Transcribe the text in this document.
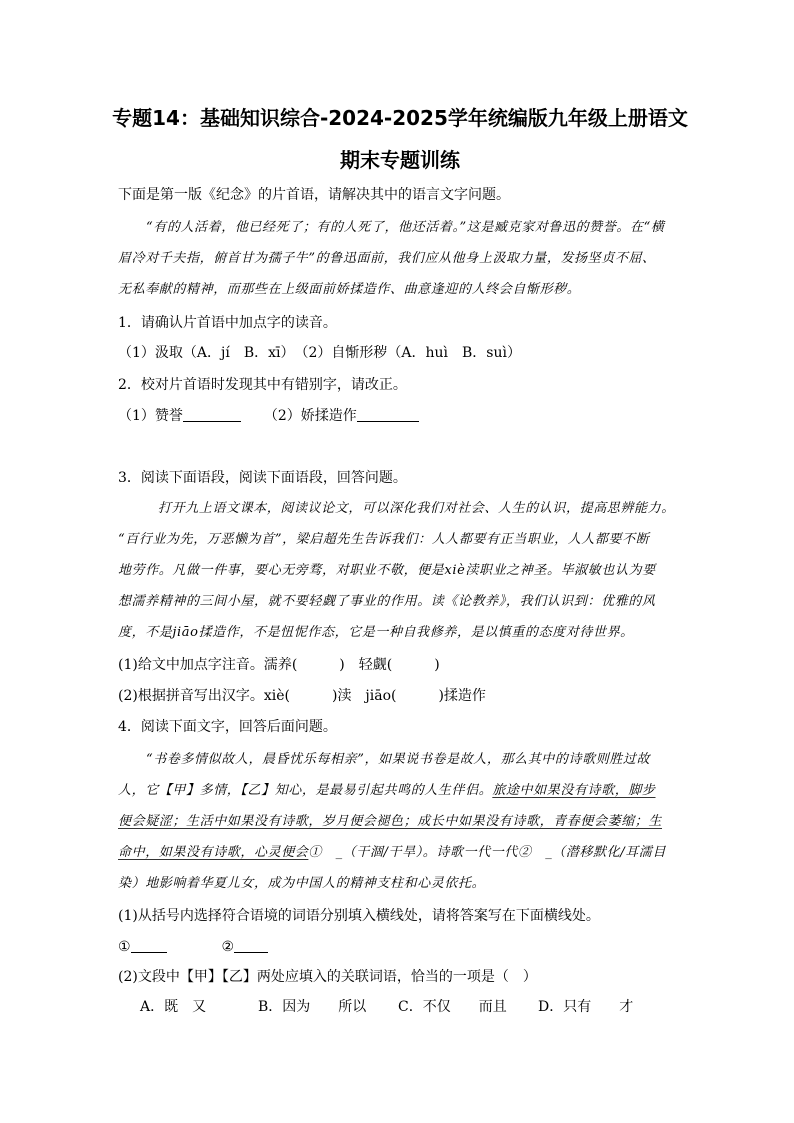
专题14：基础知识综合-2024-2025学年统编版九年级上册语文
期末专题训练
下面是第一版《纪念》的片首语，请解决其中的语言文字问题。
“有的人活着，他已经死了；有的人死了，他还活着。”这是臧克家对鲁迅的赞誉。在“横
眉冷对千夫指，俯首甘为孺子牛”的鲁迅面前，我们应从他身上汲取力量，发扬坚贞不屈、
无私奉献的精神，而那些在上级面前娇揉造作、曲意逢迎的人终会自惭形秽。
1．请确认片首语中加点字的读音。
（1）汲取（A．jí　B．xī）　（2）自惭形秽（A．huì　B．suì）
2．校对片首语时发现其中有错别字，请改正。
（1）赞誉	（2）娇揉造作
3．阅读下面语段，阅读下面语段，回答问题。
打开九上语文课本，阅读议论文，可以深化我们对社会、人生的认识，提高思辨能力。
“百行业为先，万恶懒为首”，梁启超先生告诉我们：人人都要有正当职业，人人都要不断
地劳作。凡做一件事，要心无旁骛，对职业不敬，便是xiè渎职业之神圣。毕淑敏也认为要
想濡养精神的三间小屋，就不要轻觑了事业的作用。读《论教养》，我们认识到：优雅的风
度，不是jiāo揉造作，不是忸怩作态，它是一种自我修养，是以慎重的态度对待世界。
(1)给文中加点字注音。濡养(　　　)　轻觑(　　　)
(2)根据拼音写出汉字。xiè(　　　)渎　jiāo(　　　)揉造作
4．阅读下面文字，回答后面问题。
“书卷多情似故人，晨昏忧乐每相亲”，如果说书卷是故人，那么其中的诗歌则胜过故
人，它【甲】多情，【乙】知心，是最易引起共鸣的人生伴侣。旅途中如果没有诗歌，脚步
便会疑涩；生活中如果没有诗歌，岁月便会褪色；成长中如果没有诗歌，青春便会萎缩；生
命中，如果没有诗歌，心灵便会①　_（干涸/干旱）。诗歌一代一代②　_（潜移默化/耳濡目
染）地影响着华夏儿女，成为中国人的精神支柱和心灵依托。
(1)从括号内选择符合语境的词语分别填入横线处，请将答案写在下面横线处。
①	②
(2)文段中【甲】【乙】两处应填入的关联词语，恰当的一项是（　）
A．既　又	B．因为　　所以 C．不仅　　而且 D．只有　　才
